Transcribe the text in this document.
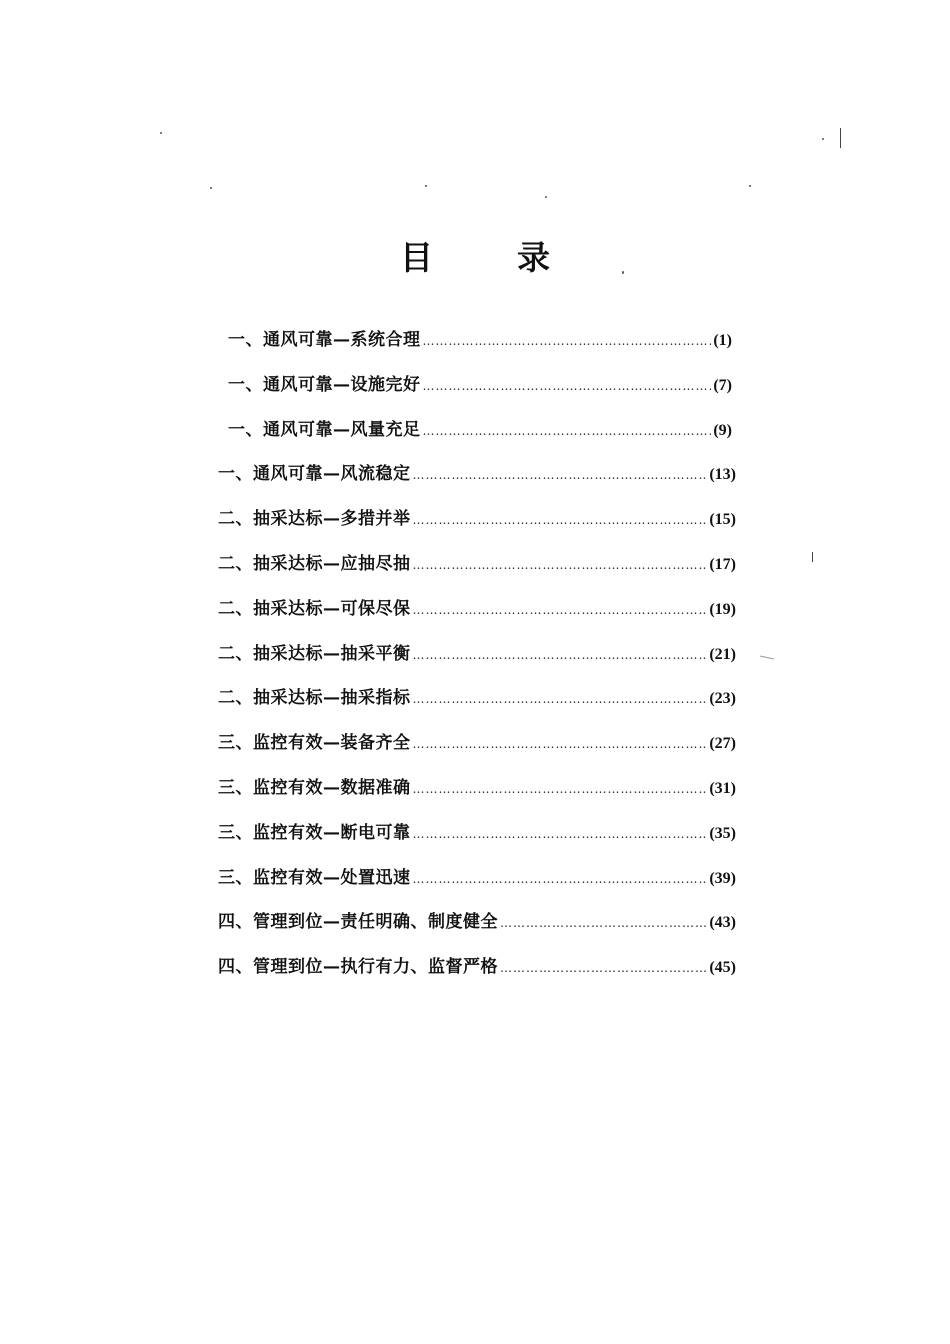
目	录
一、通风可靠—系统合理 …………………………………………………………………………………………………………………………………………………	(1)
一、通风可靠—设施完好 …………………………………………………………………………………………………………………………………………………	(7)
一、通风可靠—风量充足 …………………………………………………………………………………………………………………………………………………	(9)
一、通风可靠—风流稳定 …………………………………………………………………………………………………………………………………………………	(13)
二、抽采达标—多措并举 …………………………………………………………………………………………………………………………………………………	(15)
二、抽采达标—应抽尽抽 …………………………………………………………………………………………………………………………………………………	(17)
二、抽采达标—可保尽保 …………………………………………………………………………………………………………………………………………………	(19)
二、抽采达标—抽采平衡 …………………………………………………………………………………………………………………………………………………	(21)
二、抽采达标—抽采指标 …………………………………………………………………………………………………………………………………………………	(23)
三、监控有效—装备齐全 …………………………………………………………………………………………………………………………………………………	(27)
三、监控有效—数据准确 …………………………………………………………………………………………………………………………………………………	(31)
三、监控有效—断电可靠 …………………………………………………………………………………………………………………………………………………	(35)
三、监控有效—处置迅速 …………………………………………………………………………………………………………………………………………………	(39)
四、管理到位—责任明确、制度健全 …………………………………………………………………………………………………………………………………………………	(43)
四、管理到位—执行有力、监督严格 …………………………………………………………………………………………………………………………………………………	(45)
